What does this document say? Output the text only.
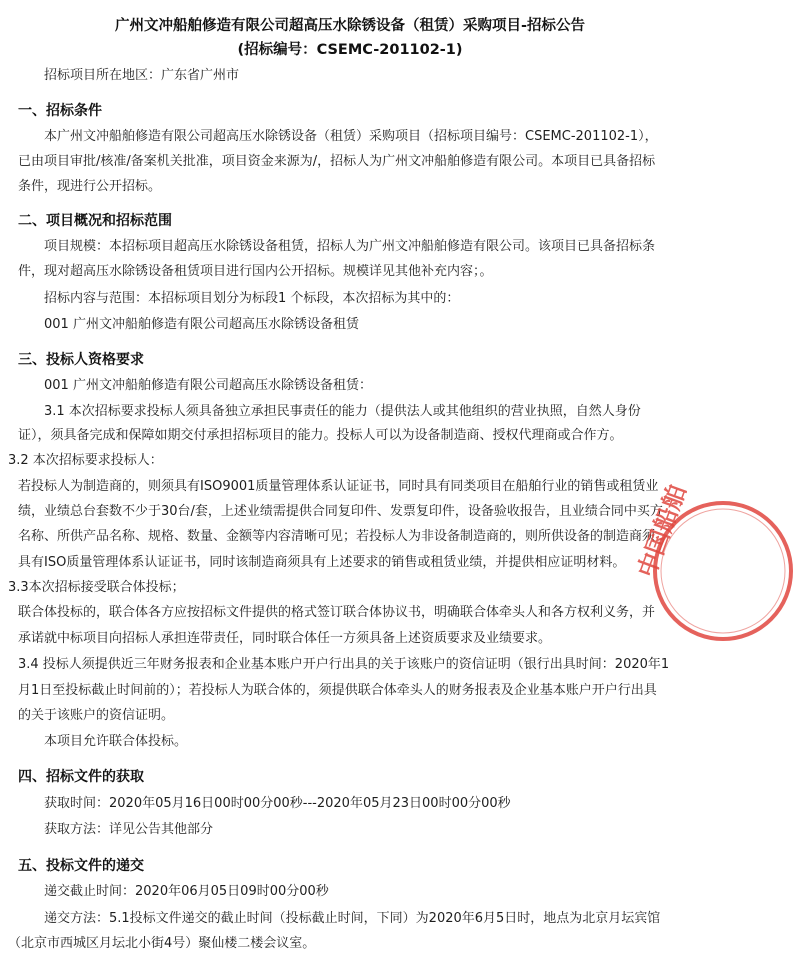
广州文冲船舶修造有限公司超高压水除锈设备（租赁）采购项目-招标公告
(招标编号：CSEMC-201102-1)
招标项目所在地区：广东省广州市
一、招标条件
本广州文冲船舶修造有限公司超高压水除锈设备（租赁）采购项目（招标项目编号：CSEMC-201102-1），
已由项目审批/核准/备案机关批准，项目资金来源为/，招标人为广州文冲船舶修造有限公司。本项目已具备招标
条件，现进行公开招标。
二、项目概况和招标范围
项目规模：本招标项目超高压水除锈设备租赁，招标人为广州文冲船舶修造有限公司。该项目已具备招标条
件，现对超高压水除锈设备租赁项目进行国内公开招标。规模详见其他补充内容；。
招标内容与范围：本招标项目划分为标段1 个标段，本次招标为其中的：
001 广州文冲船舶修造有限公司超高压水除锈设备租赁
三、投标人资格要求
001 广州文冲船舶修造有限公司超高压水除锈设备租赁：
3.1 本次招标要求投标人须具备独立承担民事责任的能力（提供法人或其他组织的营业执照，自然人身份
证），须具备完成和保障如期交付承担招标项目的能力。投标人可以为设备制造商、授权代理商或合作方。
3.2 本次招标要求投标人：
若投标人为制造商的，则须具有ISO9001质量管理体系认证证书，同时具有同类项目在船舶行业的销售或租赁业
绩，业绩总台套数不少于30台/套，上述业绩需提供合同复印件、发票复印件，设备验收报告，且业绩合同中买方
名称、所供产品名称、规格、数量、金额等内容清晰可见；若投标人为非设备制造商的，则所供设备的制造商须
具有ISO质量管理体系认证证书，同时该制造商须具有上述要求的销售或租赁业绩，并提供相应证明材料。
3.3本次招标接受联合体投标；
联合体投标的，联合体各方应按招标文件提供的格式签订联合体协议书，明确联合体牵头人和各方权利义务，并
承诺就中标项目向招标人承担连带责任，同时联合体任一方须具备上述资质要求及业绩要求。
3.4 投标人须提供近三年财务报表和企业基本账户开户行出具的关于该账户的资信证明（银行出具时间：2020年1
月1日至投标截止时间前的）；若投标人为联合体的，须提供联合体牵头人的财务报表及企业基本账户开户行出具
的关于该账户的资信证明。
本项目允许联合体投标。
四、招标文件的获取
获取时间：2020年05月16日00时00分00秒---2020年05月23日00时00分00秒
获取方法：详见公告其他部分
五、投标文件的递交
递交截止时间：2020年06月05日09时00分00秒
递交方法：5.1投标文件递交的截止时间（投标截止时间，下同）为2020年6月5日时，地点为北京月坛宾馆
（北京市西城区月坛北小街4号）聚仙楼二楼会议室。
中国船舶
